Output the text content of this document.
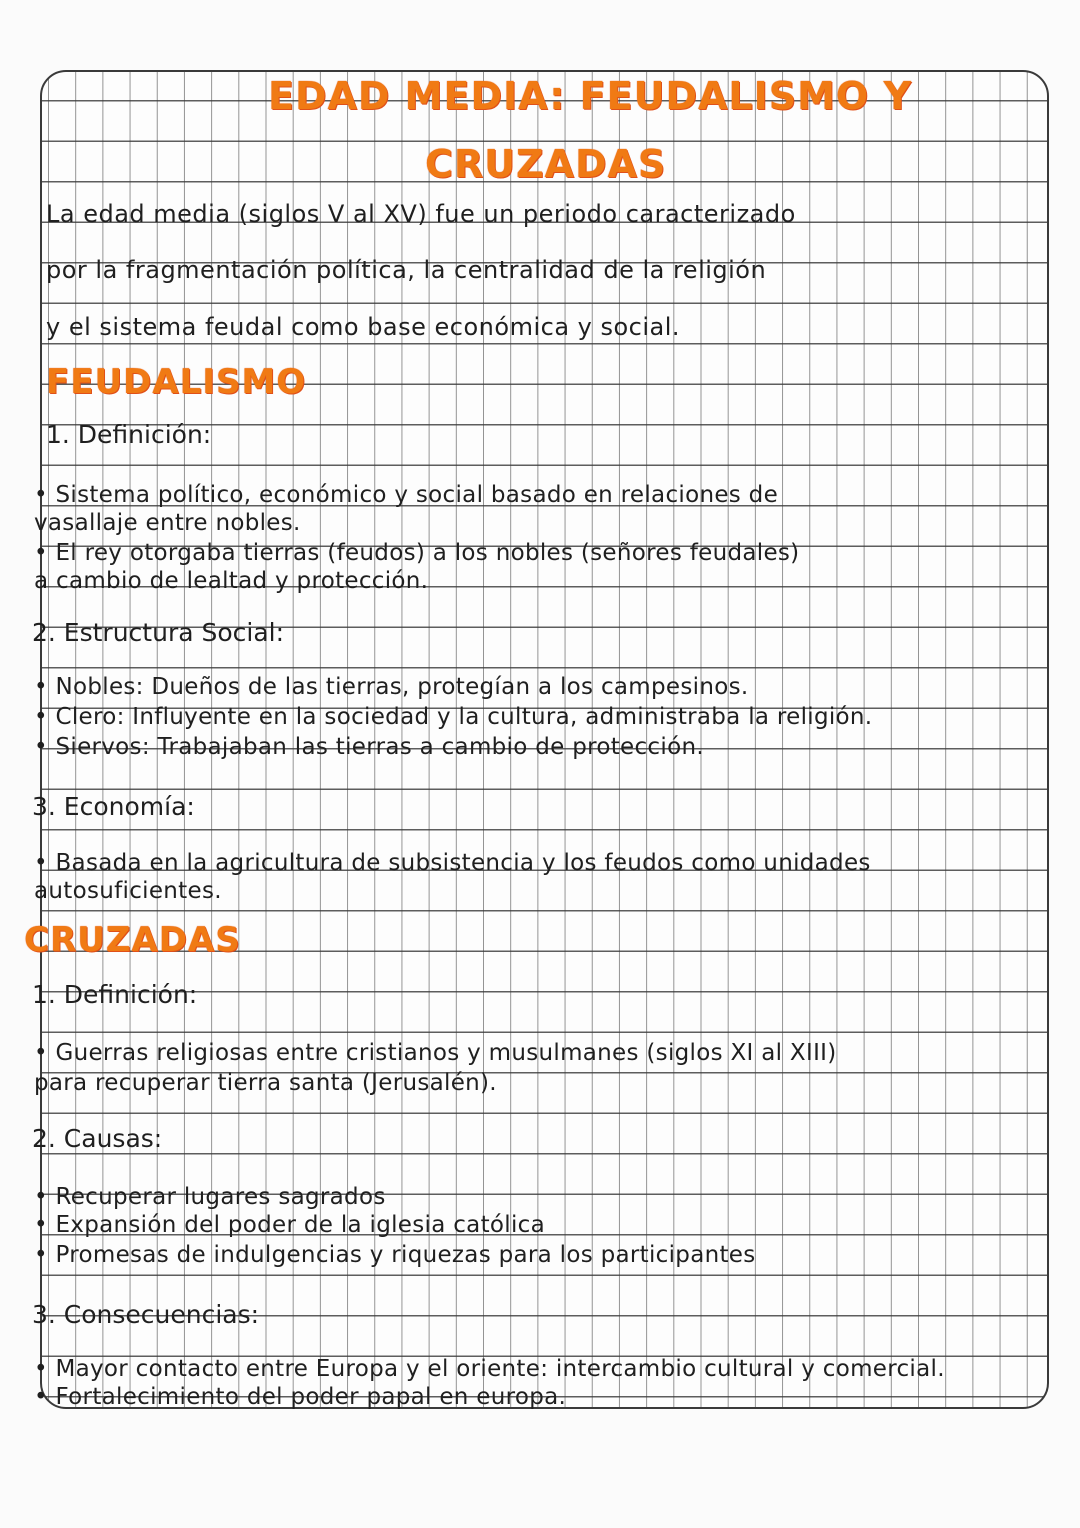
EDAD MEDIA: FEUDALISMO Y
CRUZADAS
La edad media (siglos V al XV) fue un periodo caracterizado
por la fragmentación política, la centralidad de la religión
y el sistema feudal como base económica y social.
FEUDALISMO
1. Definición:
• Sistema político, económico y social basado en relaciones de
vasallaje entre nobles.
• El rey otorgaba tierras (feudos) a los nobles (señores feudales)
a cambio de lealtad y protección.
2. Estructura Social:
• Nobles: Dueños de las tierras, protegían a los campesinos.
• Clero: Influyente en la sociedad y la cultura, administraba la religión.
• Siervos: Trabajaban las tierras a cambio de protección.
3. Economía:
• Basada en la agricultura de subsistencia y los feudos como unidades
autosuficientes.
CRUZADAS
1. Definición:
• Guerras religiosas entre cristianos y musulmanes (siglos XI al XIII)
para recuperar tierra santa (Jerusalén).
2. Causas:
• Recuperar lugares sagrados
• Expansión del poder de la iglesia católica
• Promesas de indulgencias y riquezas para los participantes
3. Consecuencias:
• Mayor contacto entre Europa y el oriente: intercambio cultural y comercial.
• Fortalecimiento del poder papal en europa.
